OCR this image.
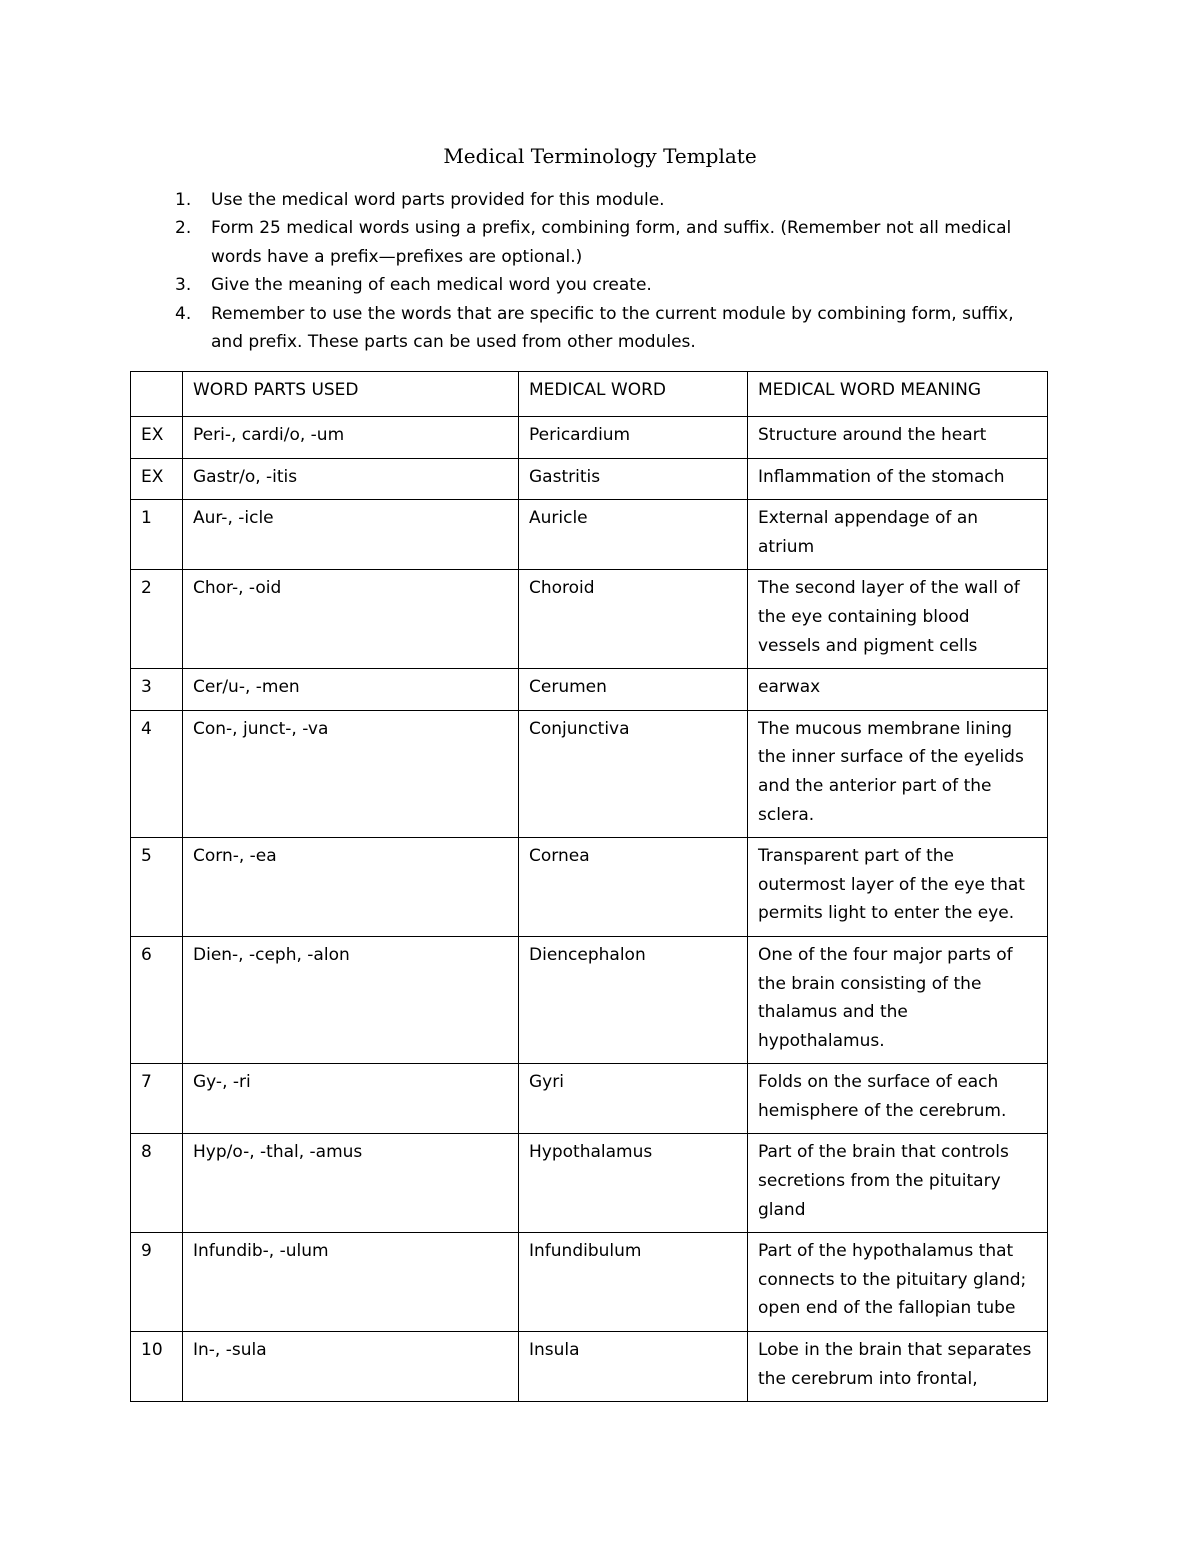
Medical Terminology Template
1. Use the medical word parts provided for this module.
2. Form 25 medical words using a prefix, combining form, and suffix. (Remember not all medical words have a prefix—prefixes are optional.)
3. Give the meaning of each medical word you create.
4. Remember to use the words that are specific to the current module by combining form, suffix, and prefix. These parts can be used from other modules.
	WORD PARTS USED	MEDICAL WORD	MEDICAL WORD MEANING
EX	Peri-, cardi/o, -um	Pericardium	Structure around the heart
EX	Gastr/o, -itis	Gastritis	Inflammation of the stomach
1	Aur-, -icle	Auricle	External appendage of an atrium
2	Chor-, -oid	Choroid	The second layer of the wall of the eye containing blood vessels and pigment cells
3	Cer/u-, -men	Cerumen	earwax
4	Con-, junct-, -va	Conjunctiva	The mucous membrane lining the inner surface of the eyelids and the anterior part of the sclera.
5	Corn-, -ea	Cornea	Transparent part of the outermost layer of the eye that permits light to enter the eye.
6	Dien-, -ceph, -alon	Diencephalon	One of the four major parts of the brain consisting of the thalamus and the hypothalamus.
7	Gy-, -ri	Gyri	Folds on the surface of each hemisphere of the cerebrum.
8	Hyp/o-, -thal, -amus	Hypothalamus	Part of the brain that controls secretions from the pituitary gland
9	Infundib-, -ulum	Infundibulum	Part of the hypothalamus that connects to the pituitary gland; open end of the fallopian tube
10	In-, -sula	Insula	Lobe in the brain that separates the cerebrum into frontal,
